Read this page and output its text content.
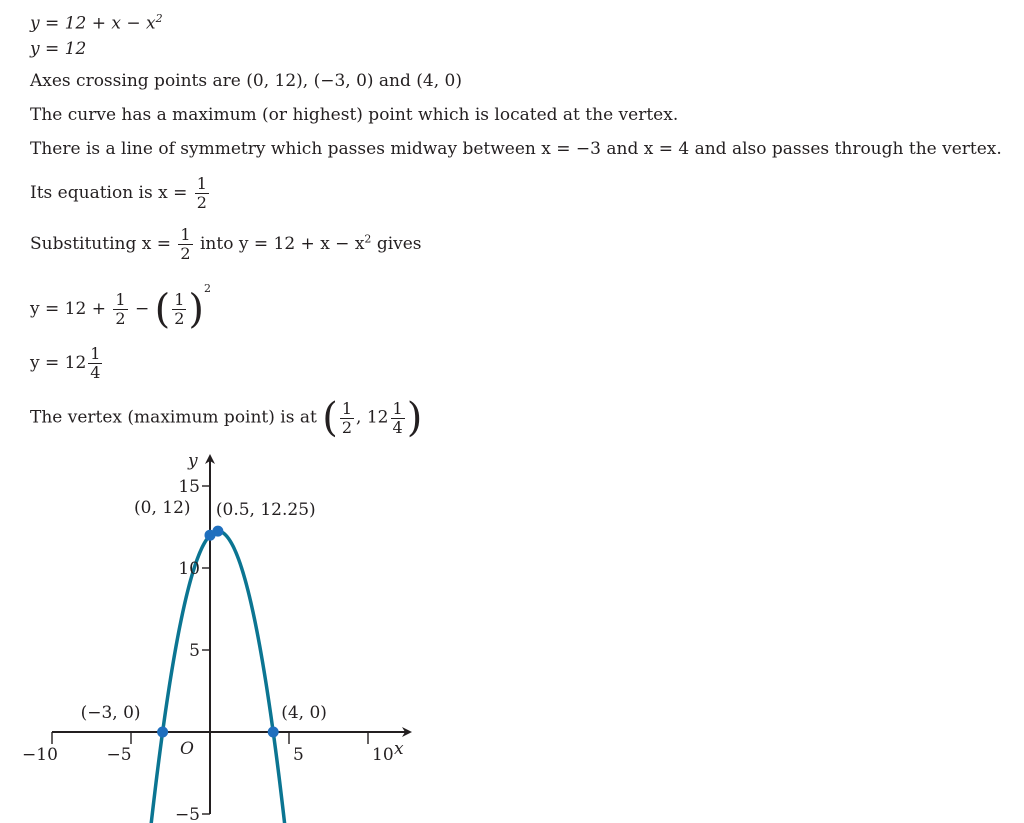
$y = 12 + x - x^2$
y = 12
Axes crossing points are (0, 12), (−3, 0) and (4, 0)
The curve has a maximum (or highest) point which is located at the vertex.
There is a line of symmetry which passes midway between x = −3 and x = 4 and also passes through the vertex.
Its equation is $x = \frac{1}{2}$
Substituting $x = \frac{1}{2}$ into $y = 12 + x - x^2$ gives
$y = 12 + \frac{1}{2}$ − ( $\frac{1}{2} )^2$
$y = 12 \frac{1}{4}$
The vertex (maximum point) is at ( $\frac{1}{2}$ , $12 \frac{1}{4}$ )
−10	−5	5	10
−5
5
10
15
x
y
O
(0, 12) (0.5, 12.25)
(−3, 0)	(4, 0)
